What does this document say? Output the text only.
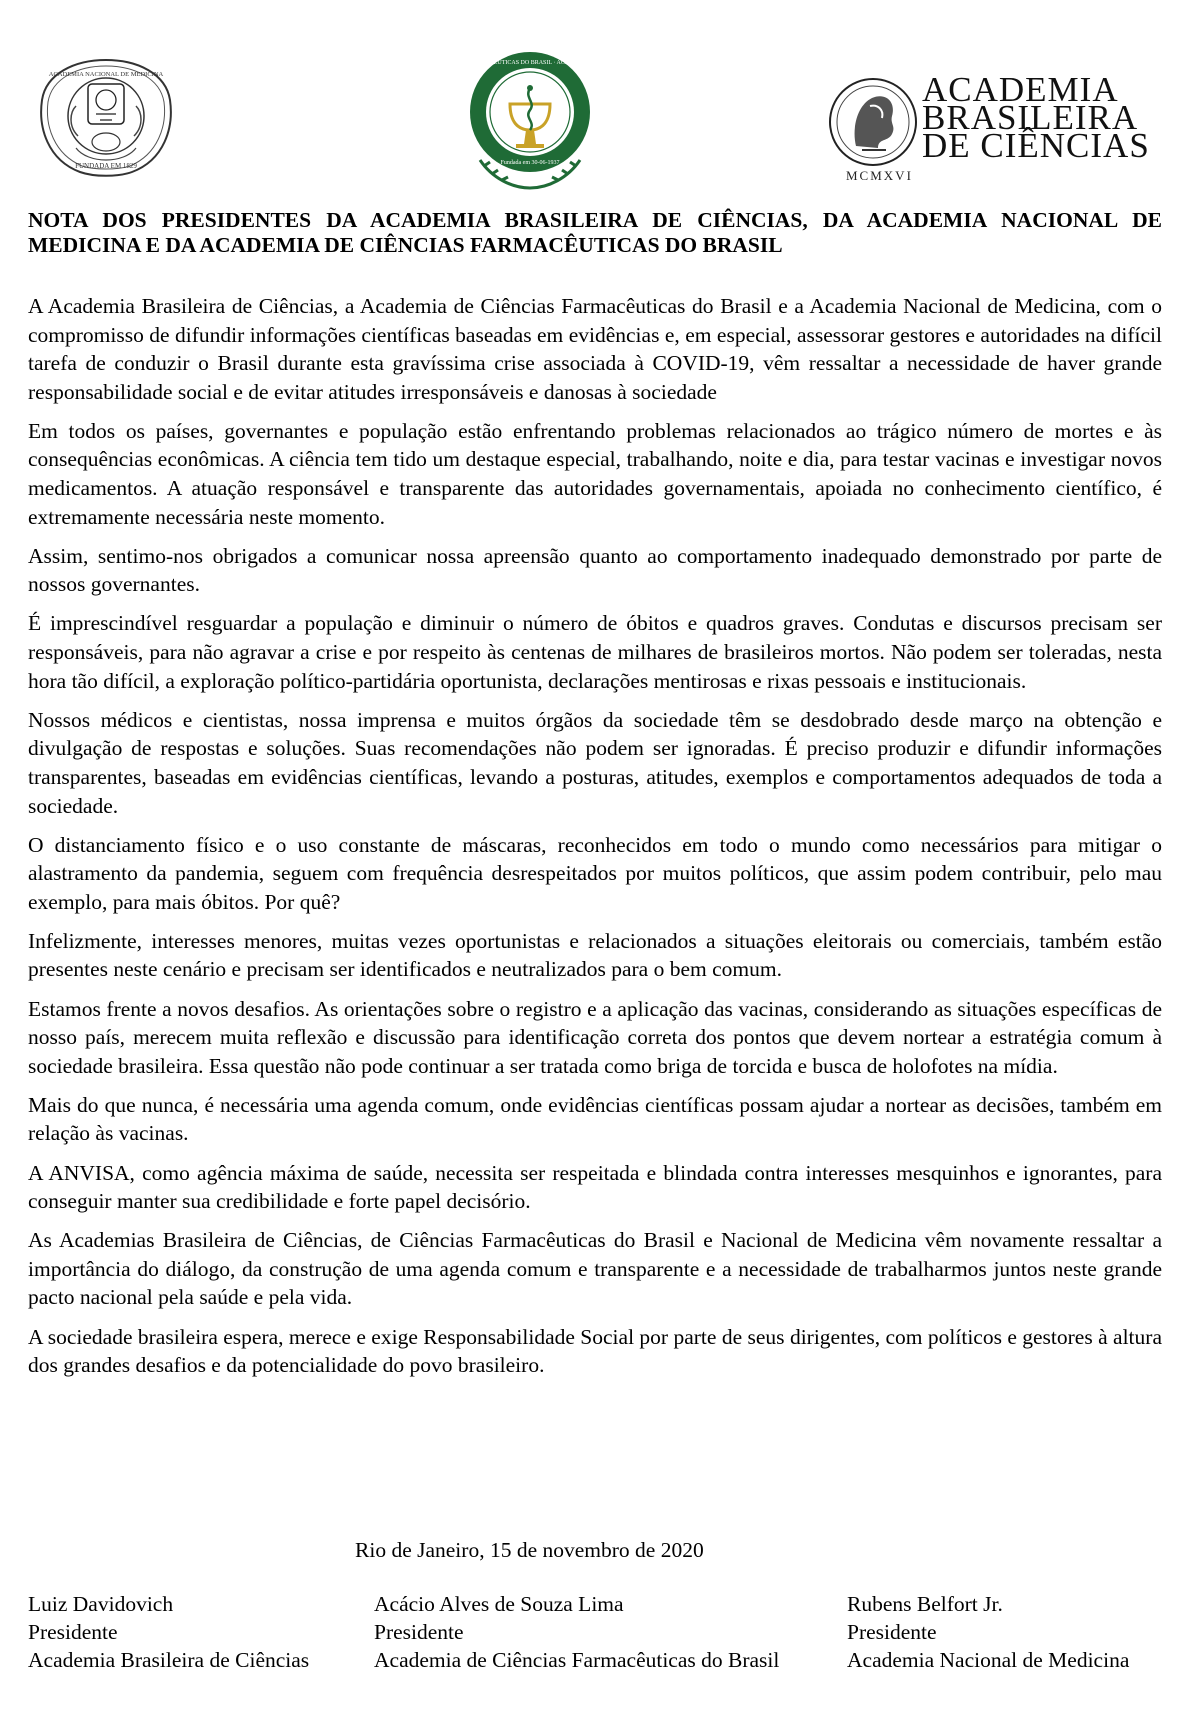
ACADEMIA NACIONAL DE MEDICINA
FUNDADA EM 1829
ACADEMIA DE CIÊNCIAS FARMACÊUTICAS DO BRASIL · ACADEMIA NACIONAL DE FARMÁCIA
Fundada em 30-06-1937
ACADEMIA
BRASILEIRA
DE CIÊNCIAS
MCMXVI
NOTA DOS PRESIDENTES DA ACADEMIA BRASILEIRA DE CIÊNCIAS, DA ACADEMIA NACIONAL DE MEDICINA E DA ACADEMIA DE CIÊNCIAS FARMACÊUTICAS DO BRASIL

A Academia Brasileira de Ciências, a Academia de Ciências Farmacêuticas do Brasil e a Academia Nacional de Medicina, com o compromisso de difundir informações científicas baseadas em evidências e, em especial, assessorar gestores e autoridades na difícil tarefa de conduzir o Brasil durante esta gravíssima crise associada à COVID-19, vêm ressaltar a necessidade de haver grande responsabilidade social e de evitar atitudes irresponsáveis e danosas à sociedade

Em todos os países, governantes e população estão enfrentando problemas relacionados ao trágico número de mortes e às consequências econômicas. A ciência tem tido um destaque especial, trabalhando, noite e dia, para testar vacinas e investigar novos medicamentos. A atuação responsável e transparente das autoridades governamentais, apoiada no conhecimento científico, é extremamente necessária neste momento.

Assim, sentimo-nos obrigados a comunicar nossa apreensão quanto ao comportamento inadequado demonstrado por parte de nossos governantes.

É imprescindível resguardar a população e diminuir o número de óbitos e quadros graves. Condutas e discursos precisam ser responsáveis, para não agravar a crise e por respeito às centenas de milhares de brasileiros mortos. Não podem ser toleradas, nesta hora tão difícil, a exploração político-partidária oportunista, declarações mentirosas e rixas pessoais e institucionais.

Nossos médicos e cientistas, nossa imprensa e muitos órgãos da sociedade têm se desdobrado desde março na obtenção e divulgação de respostas e soluções. Suas recomendações não podem ser ignoradas. É preciso produzir e difundir informações transparentes, baseadas em evidências científicas, levando a posturas, atitudes, exemplos e comportamentos adequados de toda a sociedade.

O distanciamento físico e o uso constante de máscaras, reconhecidos em todo o mundo como necessários para mitigar o alastramento da pandemia, seguem com frequência desrespeitados por muitos políticos, que assim podem contribuir, pelo mau exemplo, para mais óbitos. Por quê?

Infelizmente, interesses menores, muitas vezes oportunistas e relacionados a situações eleitorais ou comerciais, também estão presentes neste cenário e precisam ser identificados e neutralizados para o bem comum.

Estamos frente a novos desafios. As orientações sobre o registro e a aplicação das vacinas, considerando as situações específicas de nosso país, merecem muita reflexão e discussão para identificação correta dos pontos que devem nortear a estratégia comum à sociedade brasileira. Essa questão não pode continuar a ser tratada como briga de torcida e busca de holofotes na mídia.

Mais do que nunca, é necessária uma agenda comum, onde evidências científicas possam ajudar a nortear as decisões, também em relação às vacinas.

A ANVISA, como agência máxima de saúde, necessita ser respeitada e blindada contra interesses mesquinhos e ignorantes, para conseguir manter sua credibilidade e forte papel decisório.

As Academias Brasileira de Ciências, de Ciências Farmacêuticas do Brasil e Nacional de Medicina vêm novamente ressaltar a importância do diálogo, da construção de uma agenda comum e transparente e a necessidade de trabalharmos juntos neste grande pacto nacional pela saúde e pela vida.

A sociedade brasileira espera, merece e exige Responsabilidade Social por parte de seus dirigentes, com políticos e gestores à altura dos grandes desafios e da potencialidade do povo brasileiro.

Rio de Janeiro, 15 de novembro de 2020

Luiz Davidovich
Presidente
Academia Brasileira de Ciências
Acácio Alves de Souza Lima
Presidente
Academia de Ciências Farmacêuticas do Brasil
Rubens Belfort Jr.
Presidente
Academia Nacional de Medicina
